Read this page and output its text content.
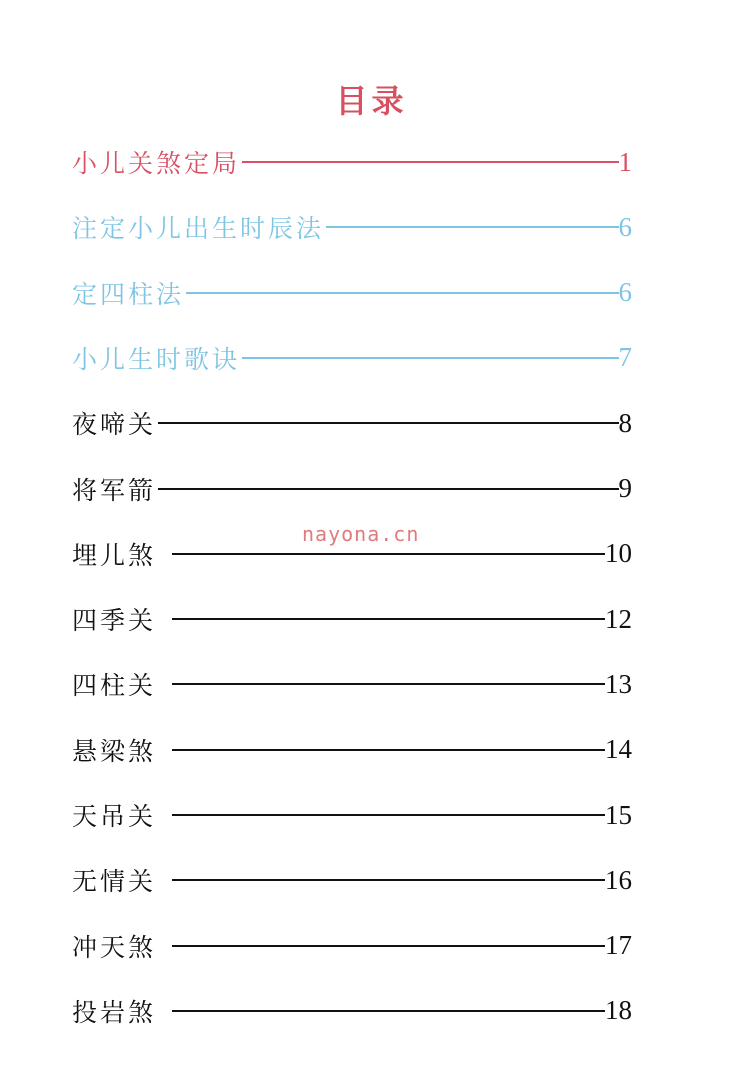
目录
小儿关煞定局	1
注定小儿出生时辰法	6
定四柱法	6
小儿生时歌诀	7
夜啼关	8
将军箭	9
埋儿煞	10
四季关	12
四柱关	13
悬梁煞	14
天吊关	15
无情关	16
冲天煞	17
投岩煞	18
nayona.cn
